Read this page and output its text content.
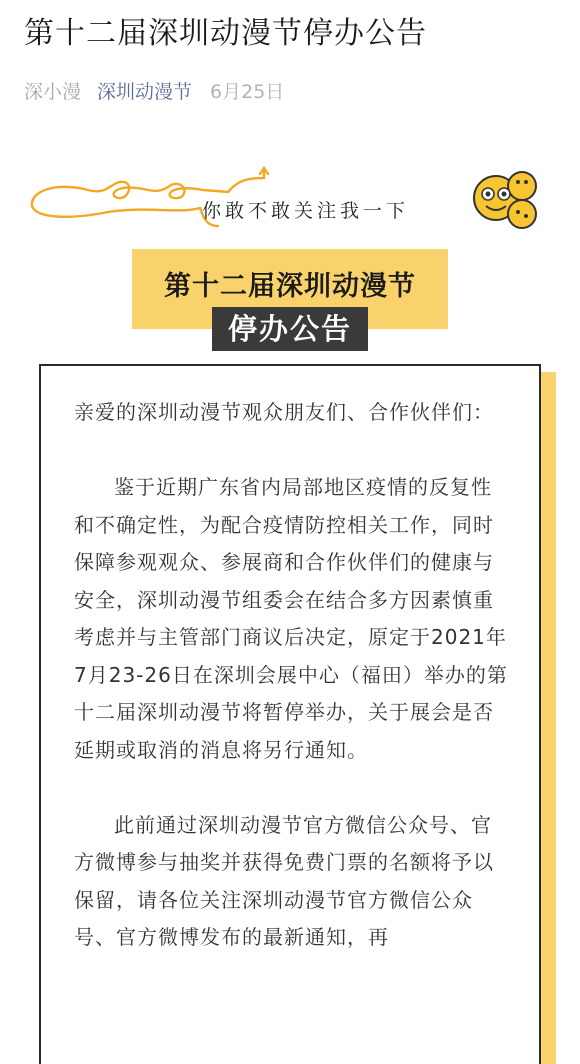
第十二届深圳动漫节停办公告
深小漫 深圳动漫节 6月25日
你敢不敢关注我一下
第十二届深圳动漫节
停办公告

亲爱的深圳动漫节观众朋友们、合作伙伴们：

鉴于近期广东省内局部地区疫情的反复性和不确定性，为配合疫情防控相关工作，同时保障参观观众、参展商和合作伙伴们的健康与安全，深圳动漫节组委会在结合多方因素慎重考虑并与主管部门商议后决定，原定于2021年7月23-26日在深圳会展中心（福田）举办的第十二届深圳动漫节将暂停举办，关于展会是否延期或取消的消息将另行通知。

此前通过深圳动漫节官方微信公众号、官方微博参与抽奖并获得免费门票的名额将予以保留，请各位关注深圳动漫节官方微信公众号、官方微博发布的最新通知，再
